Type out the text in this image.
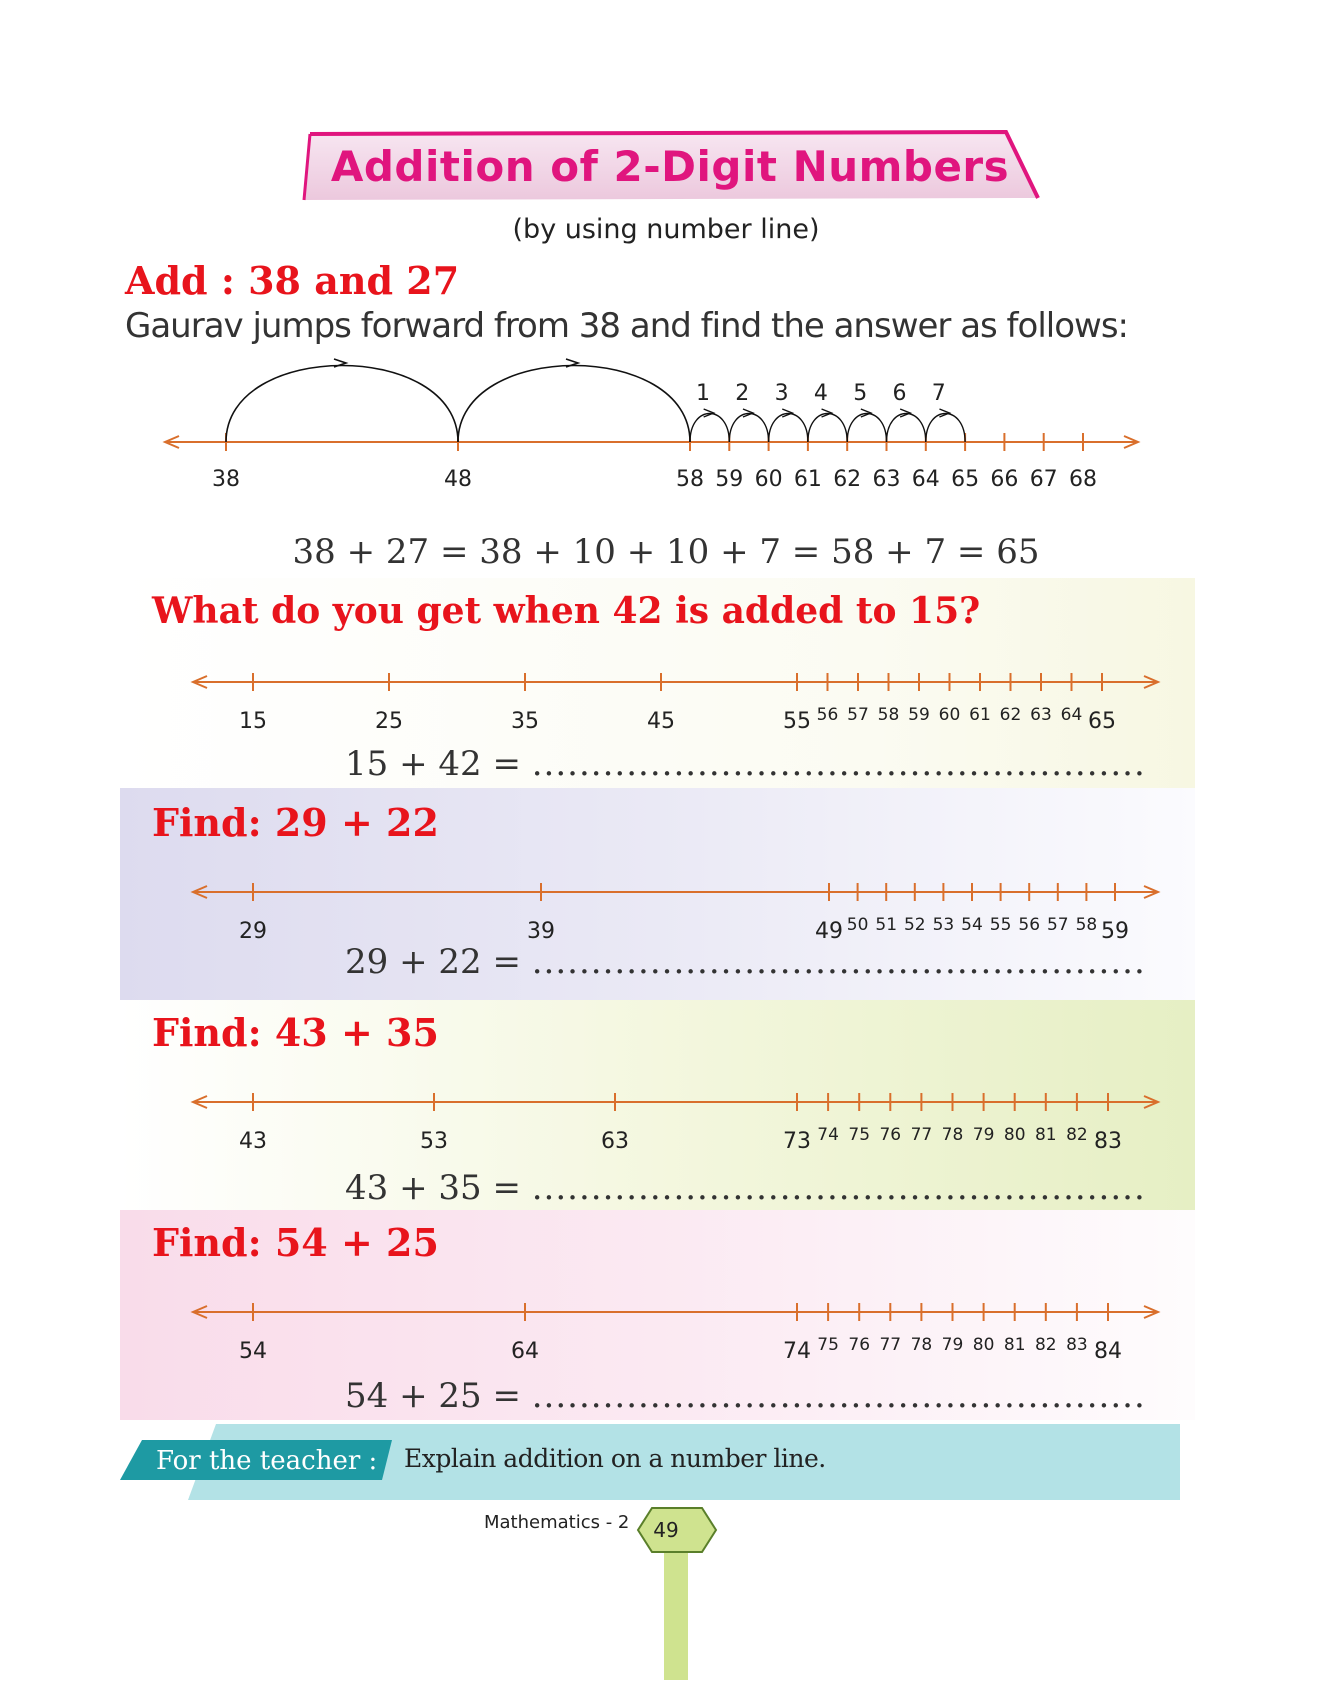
Addition of 2-Digit Numbers
(by using number line)
Add : 38 and 27
Gaurav jumps forward from 38 and find the answer as follows:
38	48	58 59 60 61 62 63 64 65 66 67 68
1 2 3 4 5 6 7
38 + 27 = 38 + 10 + 10 + 7 = 58 + 7 = 65
What do you get when 42 is added to 15?
15	25	35	45	55 56 57 58 59 60 61 62 63 64 65
15 + 42 = ....................................................
Find: 29 + 22
29	39	49 50 51 52 53 54 55 56 57 58 59
29 + 22 = ....................................................
Find: 43 + 35
43	53	63	73 74 75 76 77 78 79 80 81 82 83
43 + 35 = ....................................................
Find: 54 + 25
54	64	74 75 76 77 78 79 80 81 82 83 84
54 + 25 = ....................................................
For the teacher : Explain addition on a number line.
Mathematics - 2	49
